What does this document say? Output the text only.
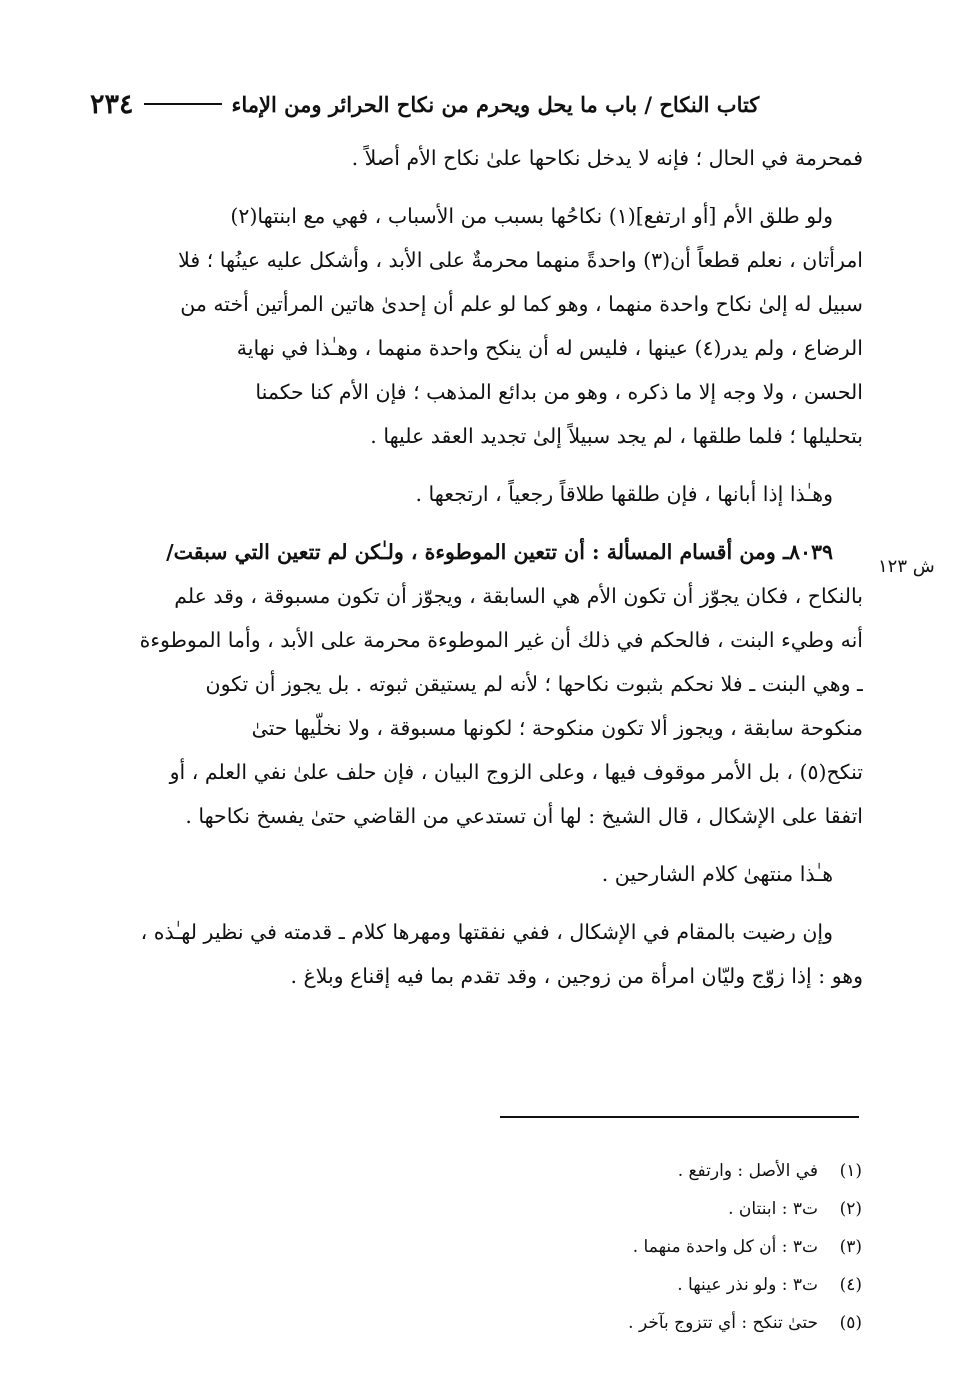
٢٣٤	كتاب النكاح / باب ما يحل ويحرم من نكاح الحرائر ومن الإماء
ش ١٢٣
فمحرمة في الحال ؛ فإنه لا يدخل نكاحها علىٰ نكاح الأم أصلاً .
ولو طلق الأم [أو ارتفع](١) نكاحُها بسبب من الأسباب ، فهي مع ابنتها(٢)
امرأتان ، نعلم قطعاً أن(٣) واحدةً منهما محرمةٌ على الأبد ، وأشكل عليه عينُها ؛ فلا
سبيل له إلىٰ نكاح واحدة منهما ، وهو كما لو علم أن إحدىٰ هاتين المرأتين أخته من
الرضاع ، ولم يدر(٤) عينها ، فليس له أن ينكح واحدة منهما ، وهـٰذا في نهاية
الحسن ، ولا وجه إلا ما ذكره ، وهو من بدائع المذهب ؛ فإن الأم كنا حكمنا
بتحليلها ؛ فلما طلقها ، لم يجد سبيلاً إلىٰ تجديد العقد عليها .
وهـٰذا إذا أبانها ، فإن طلقها طلاقاً رجعياً ، ارتجعها .
٨٠٣٩ـ ومن أقسام المسألة : أن تتعين الموطوءة ، ولـٰكن لم تتعين التي سبقت/
بالنكاح ، فكان يجوّز أن تكون الأم هي السابقة ، ويجوّز أن تكون مسبوقة ، وقد علم
أنه وطيء البنت ، فالحكم في ذلك أن غير الموطوءة محرمة على الأبد ، وأما الموطوءة
ـ وهي البنت ـ فلا نحكم بثبوت نكاحها ؛ لأنه لم يستيقن ثبوته . بل يجوز أن تكون
منكوحة سابقة ، ويجوز ألا تكون منكوحة ؛ لكونها مسبوقة ، ولا نخلّيها حتىٰ
تنكح(٥) ، بل الأمر موقوف فيها ، وعلى الزوج البيان ، فإن حلف علىٰ نفي العلم ، أو
اتفقا على الإشكال ، قال الشيخ : لها أن تستدعي من القاضي حتىٰ يفسخ نكاحها .
هـٰذا منتهىٰ كلام الشارحين .
وإن رضيت بالمقام في الإشكال ، ففي نفقتها ومهرها كلام ـ قدمته في نظير لهـٰذه ،
وهو : إذا زوّج وليّان امرأة من زوجين ، وقد تقدم بما فيه إقناع وبلاغ .
(١)
في الأصل : وارتفع .
(٢)
ت٣ : ابنتان .
(٣)
ت٣ : أن كل واحدة منهما .
(٤)
ت٣ : ولو نذر عينها .
(٥)
حتىٰ تنكح : أي تتزوج بآخر .
